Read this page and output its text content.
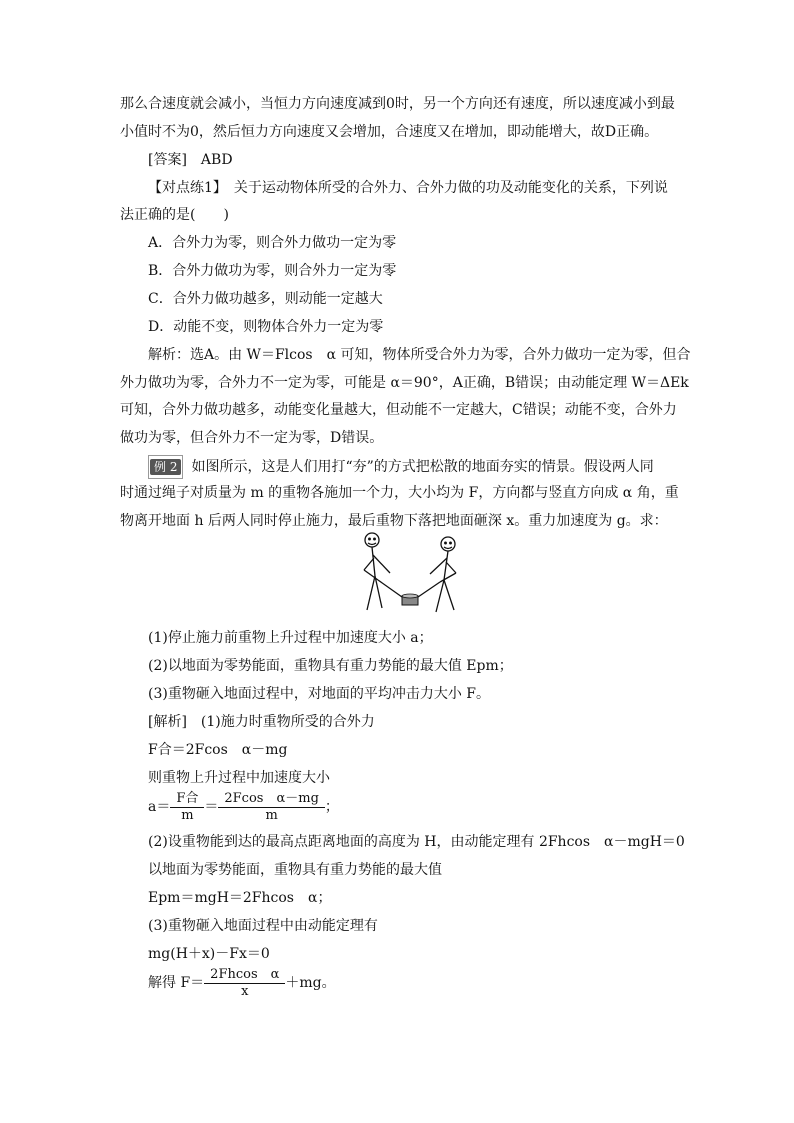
那么合速度就会减小，当恒力方向速度减到0时，另一个方向还有速度，所以速度减小到最
小值时不为0，然后恒力方向速度又会增加，合速度又在增加，即动能增大，故D正确。
[答案]　ABD
【对点练1】　关于运动物体所受的合外力、合外力做的功及动能变化的关系，下列说
法正确的是(　　)
A．合外力为零，则合外力做功一定为零
B．合外力做功为零，则合外力一定为零
C．合外力做功越多，则动能一定越大
D．动能不变，则物体合外力一定为零
解析：选A。由 W＝Flcos　α 可知，物体所受合外力为零，合外力做功一定为零，但合
外力做功为零，合外力不一定为零，可能是 α＝90°，A正确，B错误；由动能定理 W＝ΔEk
可知，合外力做功越多，动能变化量越大，但动能不一定越大，C错误；动能不变，合外力
做功为零，但合外力不一定为零，D错误。
例 2 如图所示，这是人们用打“夯”的方式把松散的地面夯实的情景。假设两人同
时通过绳子对质量为 m 的重物各施加一个力，大小均为 F，方向都与竖直方向成 α 角，重
物离开地面 h 后两人同时停止施力，最后重物下落把地面砸深 x。重力加速度为 g。求：
(1)停止施力前重物上升过程中加速度大小 a；
(2)以地面为零势能面，重物具有重力势能的最大值 Epm；
(3)重物砸入地面过程中，对地面的平均冲击力大小 F。
[解析]　(1)施力时重物所受的合外力
F合＝2Fcos　α－mg
则重物上升过程中加速度大小
$a= \frac{\text{F合}}{m} = \frac{\text{2Fcos　α－mg}}{m}$ ；
(2)设重物能到达的最高点距离地面的高度为 H，由动能定理有 2Fhcos　α－mgH＝0
以地面为零势能面，重物具有重力势能的最大值
Epm＝mgH＝2Fhcos　α；
(3)重物砸入地面过程中由动能定理有
mg(H＋x)－Fx＝0
解得 $F= \frac{\text{2Fhcos　α}}{x} +mg$。
